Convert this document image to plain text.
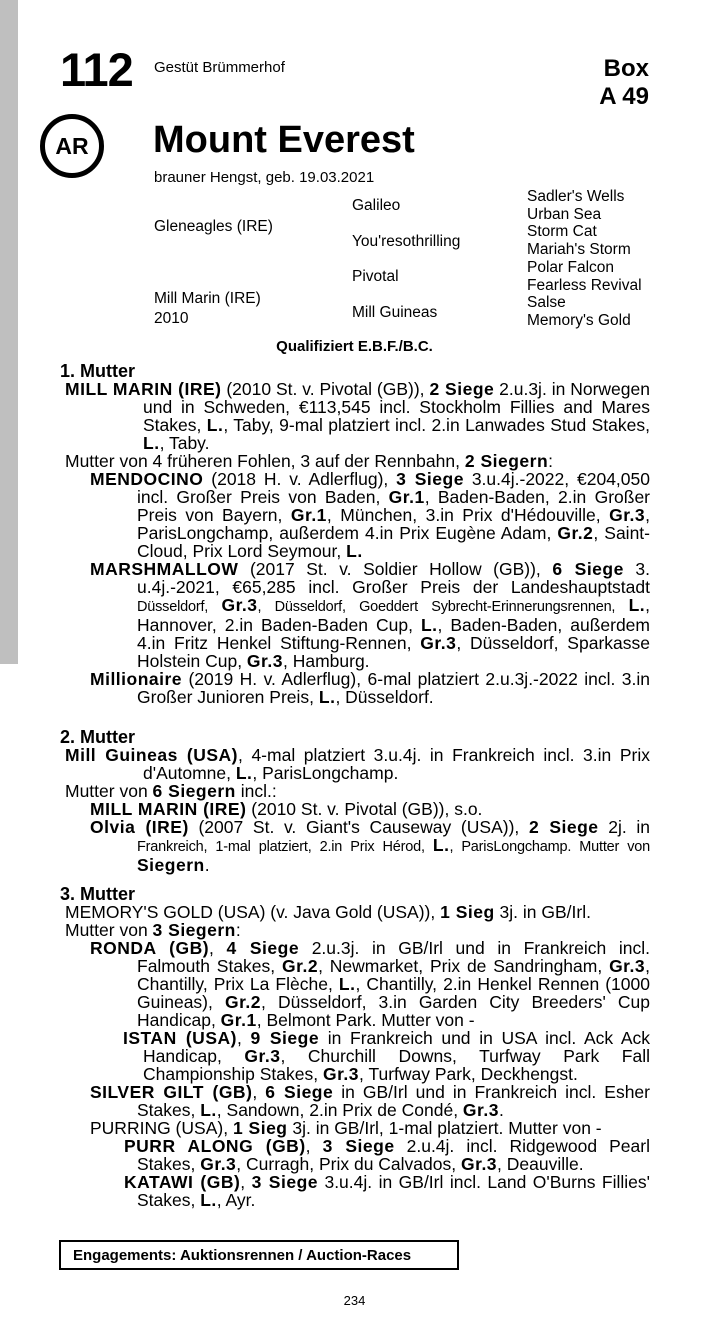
112 Gestüt Brümmerhof	Box
A 49
AR	Mount Everest
brauner Hengst, geb. 19.03.2021
Gleneagles (IRE)
Mill Marin (IRE)
2010
Galileo
You'resothrilling
Pivotal
Mill Guineas
Sadler's Wells
Urban Sea
Storm Cat
Mariah's Storm
Polar Falcon
Fearless Revival
Salse
Memory's Gold
Qualifiziert E.B.F./B.C.
1. Mutter
MILL MARIN (IRE) (2010 St. v. Pivotal (GB)), 2 Siege 2.u.3j. in Norwegen und in Schweden, €113,545 incl. Stockholm Fillies and Mares Stakes, L., Taby, 9-mal platziert incl. 2.in Lanwades Stud Stakes, L., Taby.
Mutter von 4 früheren Fohlen, 3 auf der Rennbahn, 2 Siegern:
MENDOCINO (2018 H. v. Adlerflug), 3 Siege 3.u.4j.-2022, €204,050 incl. Großer Preis von Baden, Gr.1, Baden-Baden, 2.in Großer Preis von Bayern, Gr.1, München, 3.in Prix d'Hédouville, Gr.3, ParisLongchamp, außerdem 4.in Prix Eugène Adam, Gr.2, Saint-Cloud, Prix Lord Seymour, L.
MARSHMALLOW (2017 St. v. Soldier Hollow (GB)), 6 Siege 3. u.4j.-2021, €65,285 incl. Großer Preis der Landeshauptstadt Düsseldorf, Gr.3, Düsseldorf, Goeddert Sybrecht-Erinnerungsrennen, L., Hannover, 2.in Baden-Baden Cup, L., Baden-Baden, außerdem 4.in Fritz Henkel Stiftung-Rennen, Gr.3, Düsseldorf, Sparkasse Holstein Cup, Gr.3, Hamburg.
Millionaire (2019 H. v. Adlerflug), 6-mal platziert 2.u.3j.-2022 incl. 3.in Großer Junioren Preis, L., Düsseldorf.
2. Mutter
Mill Guineas (USA), 4-mal platziert 3.u.4j. in Frankreich incl. 3.in Prix d'Automne, L., ParisLongchamp.
Mutter von 6 Siegern incl.:
MILL MARIN (IRE) (2010 St. v. Pivotal (GB)), s.o.
Olvia (IRE) (2007 St. v. Giant's Causeway (USA)), 2 Siege 2j. in Frankreich, 1-mal platziert, 2.in Prix Hérod, L., ParisLongchamp. Mutter von Siegern.
3. Mutter
MEMORY'S GOLD (USA) (v. Java Gold (USA)), 1 Sieg 3j. in GB/Irl.
Mutter von 3 Siegern:
RONDA (GB), 4 Siege 2.u.3j. in GB/Irl und in Frankreich incl. Falmouth Stakes, Gr.2, Newmarket, Prix de Sandringham, Gr.3, Chantilly, Prix La Flèche, L., Chantilly, 2.in Henkel Rennen (1000 Guineas), Gr.2, Düsseldorf, 3.in Garden City Breeders' Cup Handicap, Gr.1, Belmont Park. Mutter von -
ISTAN (USA), 9 Siege in Frankreich und in USA incl. Ack Ack Handicap, Gr.3, Churchill Downs, Turfway Park Fall Championship Stakes, Gr.3, Turfway Park, Deckhengst.
SILVER GILT (GB), 6 Siege in GB/Irl und in Frankreich incl. Esher Stakes, L., Sandown, 2.in Prix de Condé, Gr.3.
PURRING (USA), 1 Sieg 3j. in GB/Irl, 1-mal platziert. Mutter von -
PURR ALONG (GB), 3 Siege 2.u.4j. incl. Ridgewood Pearl Stakes, Gr.3, Curragh, Prix du Calvados, Gr.3, Deauville.
KATAWI (GB), 3 Siege 3.u.4j. in GB/Irl incl. Land O'Burns Fillies' Stakes, L., Ayr.
Engagements: Auktionsrennen / Auction-Races
234
